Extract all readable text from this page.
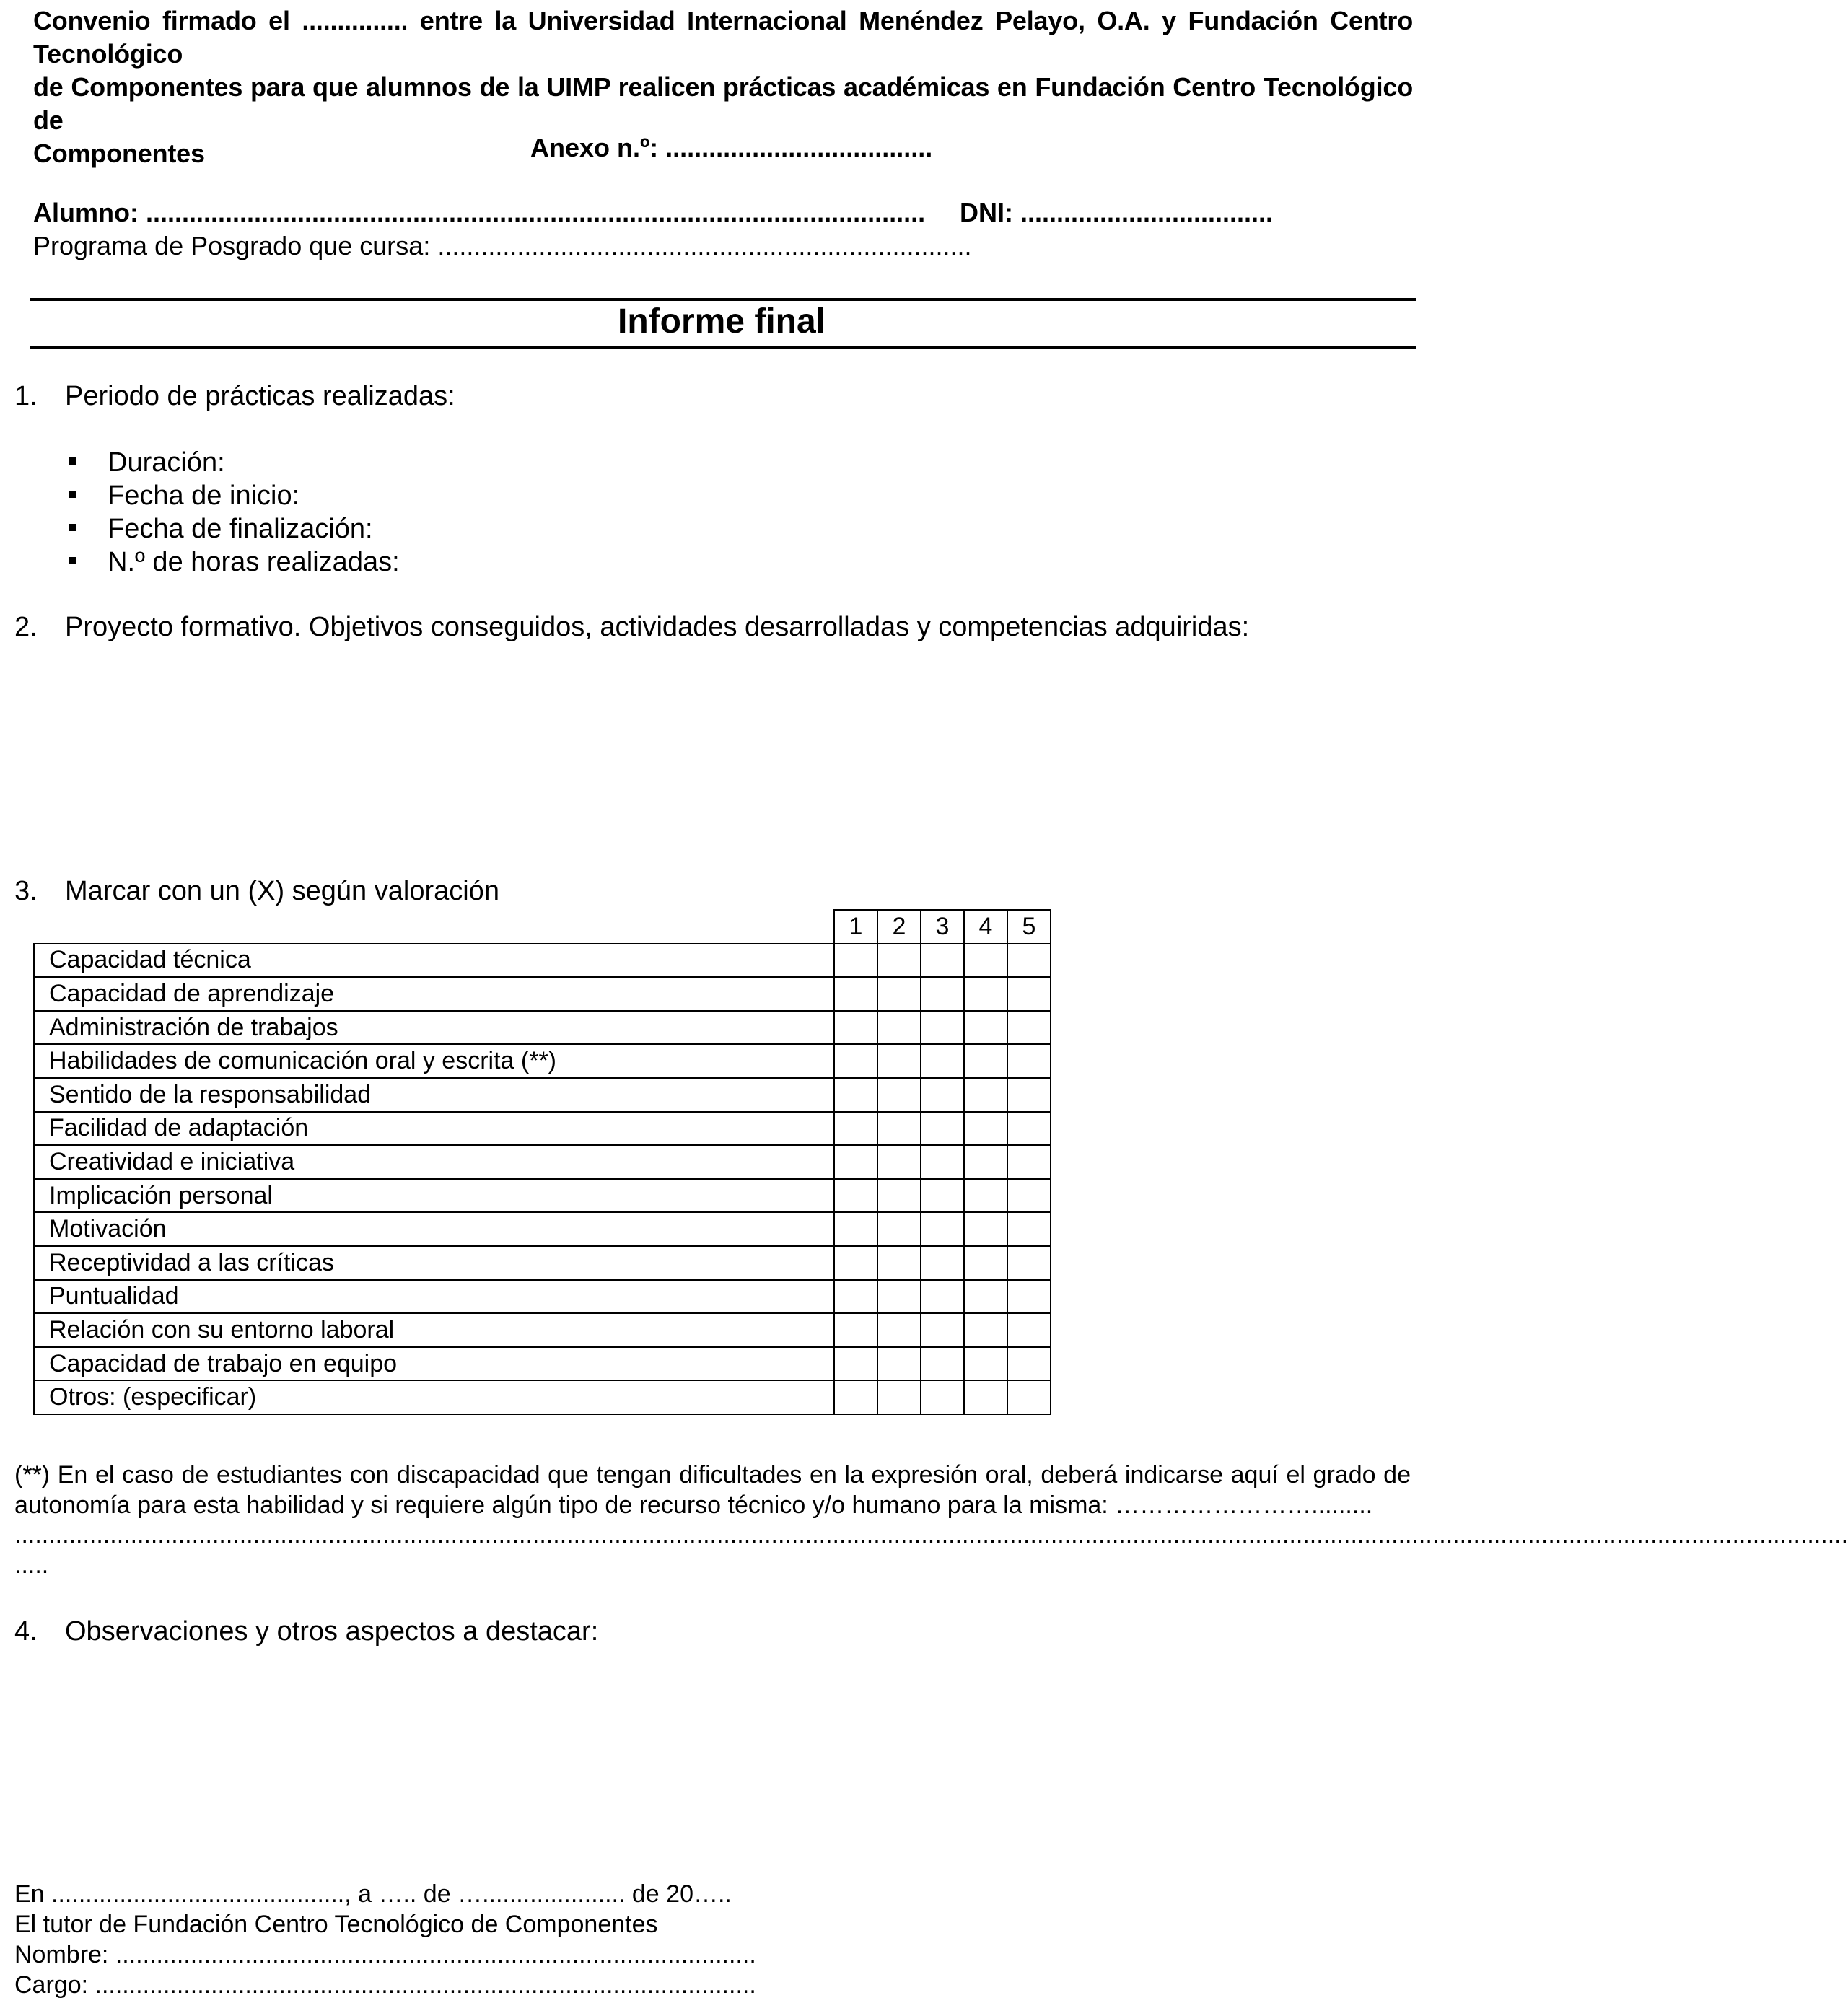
Convenio firmado el ............... entre la Universidad Internacional Menéndez Pelayo, O.A. y Fundación Centro Tecnológico
de Componentes para que alumnos de la UIMP realicen prácticas académicas en Fundación Centro Tecnológico de
Componentes	Anexo n.º: .....................................
Alumno: ............................................................................................................ DNI: ...................................
Programa de Posgrado que cursa: ..........................................................................
Informe final
1. Periodo de prácticas realizadas:
Duración:
Fecha de inicio:
Fecha de finalización:
N.º de horas realizadas:
2. Proyecto formativo. Objetivos conseguidos, actividades desarrolladas y competencias adquiridas:
3. Marcar con un (X) según valoración
	1	2	3	4	5
Capacidad técnica					
Capacidad de aprendizaje					
Administración de trabajos					
Habilidades de comunicación oral y escrita (**)					
Sentido de la responsabilidad					
Facilidad de adaptación					
Creatividad e iniciativa					
Implicación personal					
Motivación					
Receptividad a las críticas					
Puntualidad					
Relación con su entorno laboral					
Capacidad de trabajo en equipo					
Otros: (especificar)					
(**) En el caso de estudiantes con discapacidad que tengan dificultades en la expresión oral, deberá indicarse aquí el grado de autonomía para esta habilidad y si requiere algún tipo de recurso técnico y/o humano para la misma: …………………….........
.............................................................................................................................................................................................................................................................................
.....
4. Observaciones y otros aspectos a destacar:
En ..........................................., a ….. de …..................... de 20…..
El tutor de Fundación Centro Tecnológico de Componentes
Nombre: ..............................................................................................
Cargo: .................................................................................................
